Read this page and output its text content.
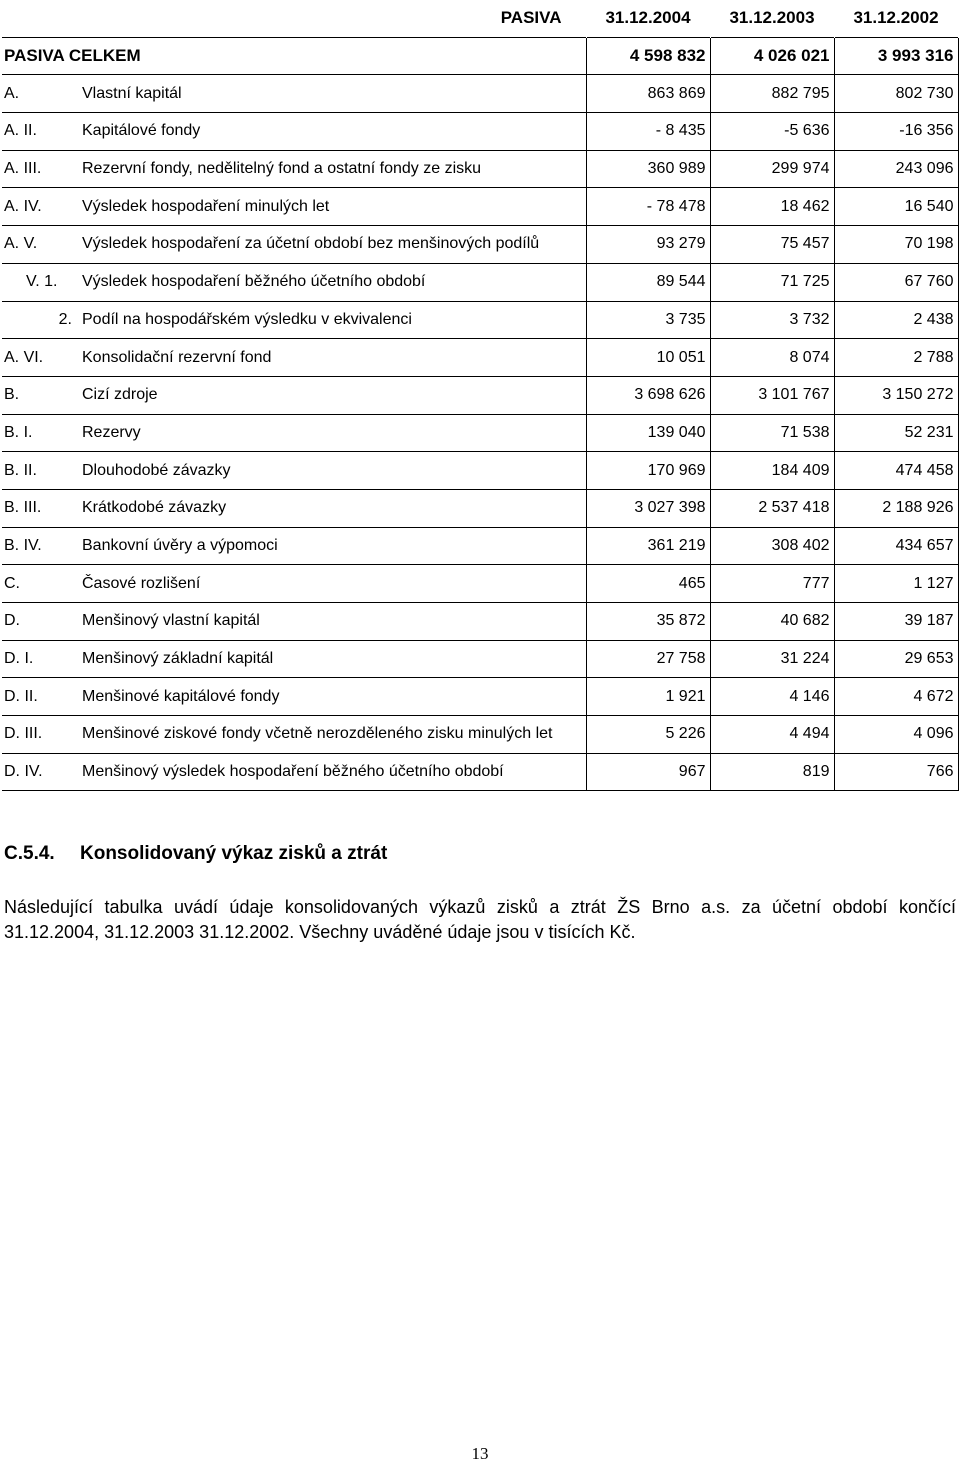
	PASIVA	31.12.2004	31.12.2003	31.12.2002
PASIVA CELKEM		4 598 832	4 026 021	3 993 316
A.	Vlastní kapitál	863 869	882 795	802 730
A. II.	Kapitálové fondy	- 8 435	-5 636	-16 356
A. III.	Rezervní fondy, nedělitelný fond a ostatní fondy ze zisku	360 989	299 974	243 096
A. IV.	Výsledek hospodaření minulých let	- 78 478	18 462	16 540
A. V.	Výsledek hospodaření za účetní období bez menšinových podílů	93 279	75 457	70 198
V. 1.	Výsledek hospodaření běžného účetního období	89 544	71 725	67 760
2.	Podíl na hospodářském výsledku v ekvivalenci	3 735	3 732	2 438
A. VI.	Konsolidační rezervní fond	10 051	8 074	2 788
B.	Cizí zdroje	3 698 626	3 101 767	3 150 272
B. I.	Rezervy	139 040	71 538	52 231
B. II.	Dlouhodobé závazky	170 969	184 409	474 458
B. III.	Krátkodobé závazky	3 027 398	2 537 418	2 188 926
B. IV.	Bankovní úvěry a výpomoci	361 219	308 402	434 657
C.	Časové rozlišení	465	777	1 127
D.	Menšinový vlastní kapitál	35 872	40 682	39 187
D. I.	Menšinový základní kapitál	27 758	31 224	29 653
D. II.	Menšinové kapitálové fondy	1 921	4 146	4 672
D. III.	Menšinové ziskové fondy včetně nerozděleného zisku minulých let	5 226	4 494	4 096
D. IV.	Menšinový výsledek hospodaření běžného účetního období	967	819	766
C.5.4. Konsolidovaný výkaz zisků a ztrát
Následující tabulka uvádí údaje konsolidovaných výkazů zisků a ztrát ŽS Brno a.s. za účetní období končící 31.12.2004, 31.12.2003 31.12.2002. Všechny uváděné údaje jsou v tisících Kč.
13
